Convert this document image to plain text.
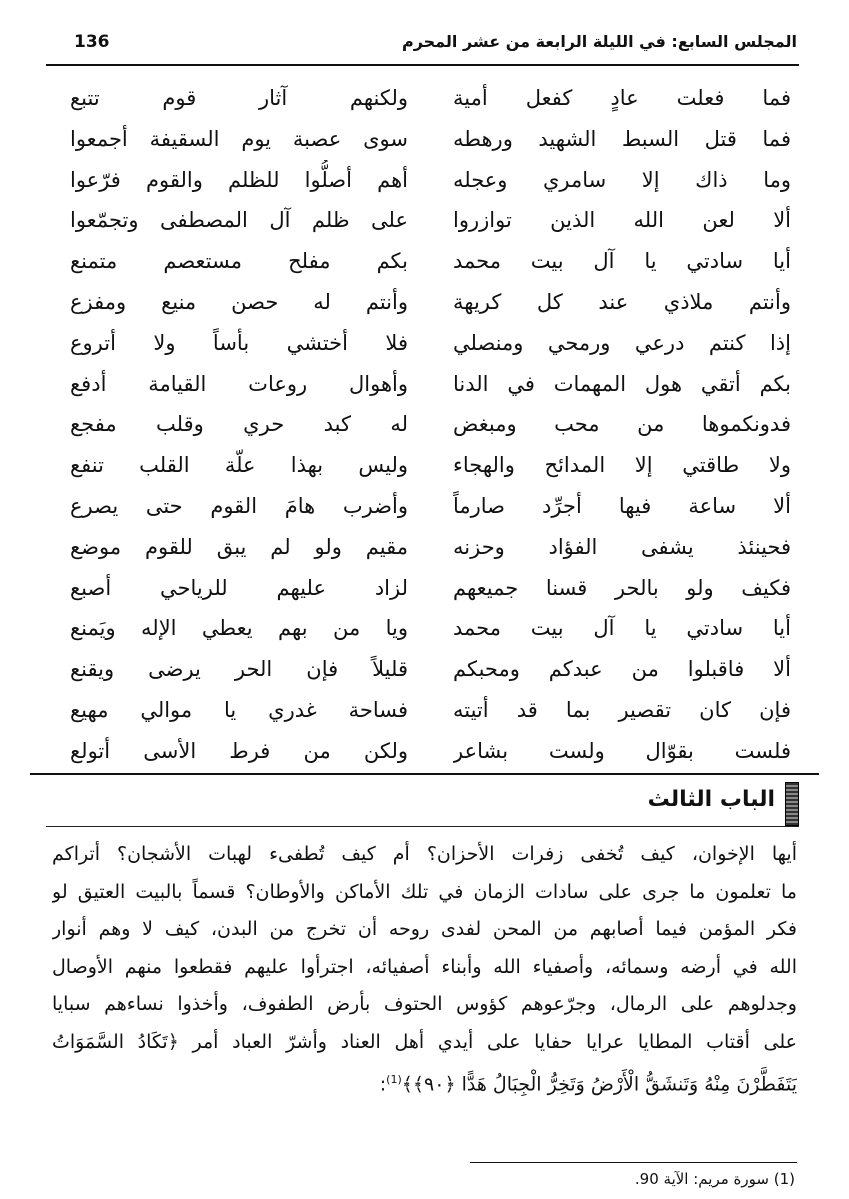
136	المجلس السابع: في الليلة الرابعة من عشر المحرم
فما فعلت عادٍ كفعل أمية
ولكنهم آثار قوم تتبع
فما قتل السبط الشهيد ورهطه
سوى عصبة يوم السقيفة أجمعوا
وما ذاك إلا سامري وعجله
أهم أصلُّوا للظلم والقوم فرّعوا
ألا لعن الله الذين توازروا
على ظلم آل المصطفى وتجمّعوا
أيا سادتي يا آل بيت محمد
بكم مفلح مستعصم متمنع
وأنتم ملاذي عند كل كريهة
وأنتم له حصن منيع ومفزع
إذا كنتم درعي ورمحي ومنصلي
فلا أختشي بأساً ولا أتروع
بكم أتقي هول المهمات في الدنا
وأهوال روعات القيامة أدفع
فدونكموها من محب ومبغض
له كبد حري وقلب مفجع
ولا طاقتي إلا المدائح والهجاء
وليس بهذا علّة القلب تنفع
ألا ساعة فيها أجرِّد صارماً
وأضرب هامَ القوم حتى يصرع
فحينئذ يشفى الفؤاد وحزنه
مقيم ولو لم يبق للقوم موضع
فكيف ولو بالحر قسنا جميعهم
لزاد عليهم للرياحي أصبع
أيا سادتي يا آل بيت محمد
ويا من بهم يعطي الإله ويَمنع
ألا فاقبلوا من عبدكم ومحبكم
قليلاً فإن الحر يرضى ويقنع
فإن كان تقصير بما قد أتيته
فساحة غدري يا موالي مهيع
فلست بقوّال ولست بشاعر
ولكن من فرط الأسى أتولع
الباب الثالث
أيها الإخوان، كيف تُخفى زفرات الأحزان؟ أم كيف تُطفىء لهبات الأشجان؟ أتراكم
ما تعلمون ما جرى على سادات الزمان في تلك الأماكن والأوطان؟ قسماً بالبيت العتيق لو
فكر المؤمن فيما أصابهم من المحن لفدى روحه أن تخرج من البدن، كيف لا وهم أنوار
الله في أرضه وسمائه، وأصفياء الله وأبناء أصفيائه، اجترأوا عليهم فقطعوا منهم الأوصال
وجدلوهم على الرمال، وجرّعوهم كؤوس الحتوف بأرض الطفوف، وأخذوا نساءهم سبايا
على أقتاب المطايا عرايا حفايا على أيدي أهل العناد وأشرّ العباد أمر ﴿تَكَادُ السَّمَوَاتُ
يَتَفَطَّرْنَ مِنْهُ وَتَنشَقُّ الْأَرْضُ وَتَخِرُّ الْجِبَالُ هَدًّا ﴿٩٠﴾﴾$^{(1)}$:
(1) سورة مريم: الآية 90.
